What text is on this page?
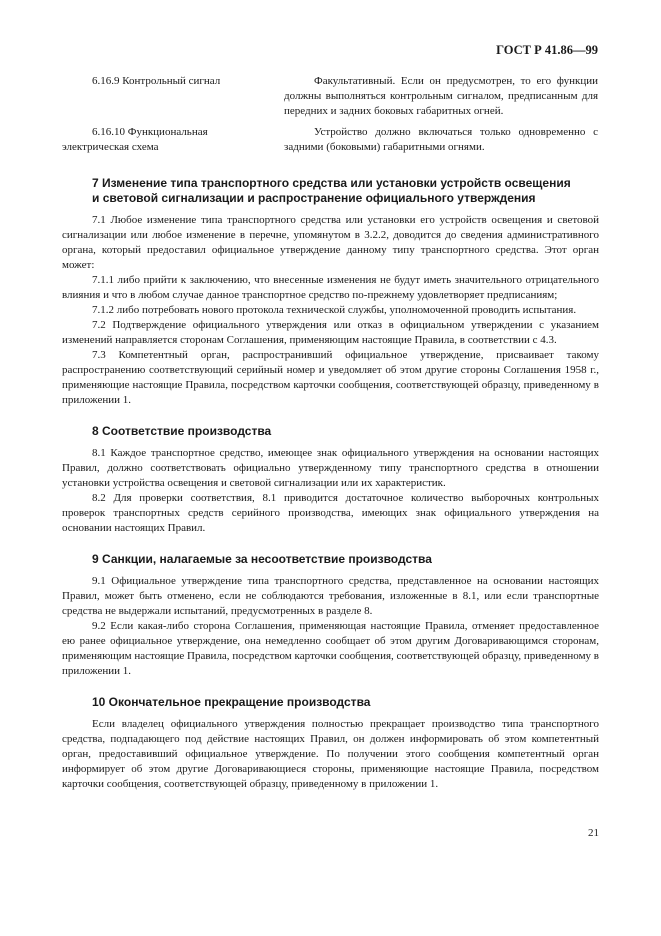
ГОСТ Р 41.86—99
6.16.9 Контрольный сигнал	Факультативный. Если он предусмотрен, то его функции должны выполняться контрольным сигналом, предписанным для передних и задних боковых габаритных огней.
6.16.10 Функциональная
электрическая схема
Устройство должно включаться только одновременно с задними (боковыми) габаритными огнями.
7 Изменение типа транспортного средства или установки устройств освещения
и световой сигнализации и распространение официального утверждения

7.1 Любое изменение типа транспортного средства или установки его устройств освещения и световой сигнализации или любое изменение в перечне, упомянутом в 3.2.2, доводится до сведения административного органа, который предоставил официальное утверждение данному типу транспортного средства. Этот орган может:

7.1.1 либо прийти к заключению, что внесенные изменения не будут иметь значительного отрицательного влияния и что в любом случае данное транспортное средство по-прежнему удовлетворяет предписаниям;

7.1.2 либо потребовать нового протокола технической службы, уполномоченной проводить испытания.

7.2 Подтверждение официального утверждения или отказ в официальном утверждении с указанием изменений направляется сторонам Соглашения, применяющим настоящие Правила, в соответствии с 4.3.

7.3 Компетентный орган, распространивший официальное утверждение, присваивает такому распространению соответствующий серийный номер и уведомляет об этом другие стороны Соглашения 1958 г., применяющие настоящие Правила, посредством карточки сообщения, соответствующей образцу, приведенному в приложении 1.

8 Соответствие производства

8.1 Каждое транспортное средство, имеющее знак официального утверждения на основании настоящих Правил, должно соответствовать официально утвержденному типу транспортного средства в отношении установки устройства освещения и световой сигнализации или их характеристик.

8.2 Для проверки соответствия, 8.1 приводится достаточное количество выборочных контрольных проверок транспортных средств серийного производства, имеющих знак официального утверждения на основании настоящих Правил.

9 Санкции, налагаемые за несоответствие производства

9.1 Официальное утверждение типа транспортного средства, представленное на основании настоящих Правил, может быть отменено, если не соблюдаются требования, изложенные в 8.1, или если транспортные средства не выдержали испытаний, предусмотренных в разделе 8.

9.2 Если какая-либо сторона Соглашения, применяющая настоящие Правила, отменяет предоставленное ею ранее официальное утверждение, она немедленно сообщает об этом другим Договаривающимся сторонам, применяющим настоящие Правила, посредством карточки сообщения, соответствующей образцу, приведенному в приложении 1.

10 Окончательное прекращение производства

Если владелец официального утверждения полностью прекращает производство типа транспортного средства, подпадающего под действие настоящих Правил, он должен информировать об этом компетентный орган, предоставивший официальное утверждение. По получении этого сообщения компетентный орган информирует об этом другие Договаривающиеся стороны, применяющие настоящие Правила, посредством карточки сообщения, соответствующей образцу, приведенному в приложении 1.

21
